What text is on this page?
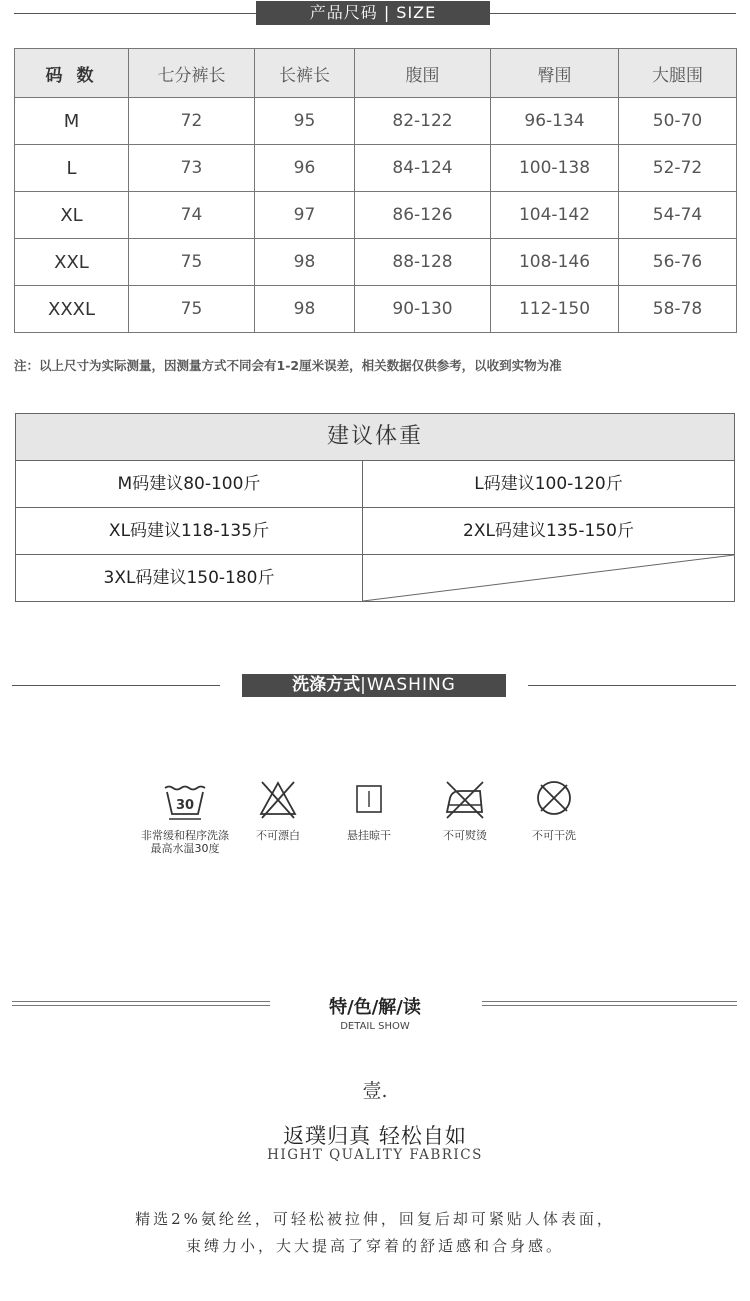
产品尺码 | SIZE
码 数	七分裤长	长裤长	腹围	臀围	大腿围
M	72	95	82-122	96-134	50-70
L	73	96	84-124	100-138	52-72
XL	74	97	86-126	104-142	54-74
XXL	75	98	88-128	108-146	56-76
XXXL	75	98	90-130	112-150	58-78
注：以上尺寸为实际测量，因测量方式不同会有1-2厘米误差，相关数据仅供参考，以收到实物为准
建议体重
M码建议80-100斤	L码建议100-120斤
XL码建议118-135斤	2XL码建议135-150斤
3XL码建议150-180斤
洗涤方式|WASHING
30
非常缓和程序洗涤
最高水温30度
不可漂白	悬挂晾干	不可熨烫	不可干洗
特/色/解/读
DETAIL SHOW
壹.
返璞归真 轻松自如
HIGHT QUALITY FABRICS
精选2%氨纶丝，可轻松被拉伸，回复后却可紧贴人体表面，
束缚力小，大大提高了穿着的舒适感和合身感。
